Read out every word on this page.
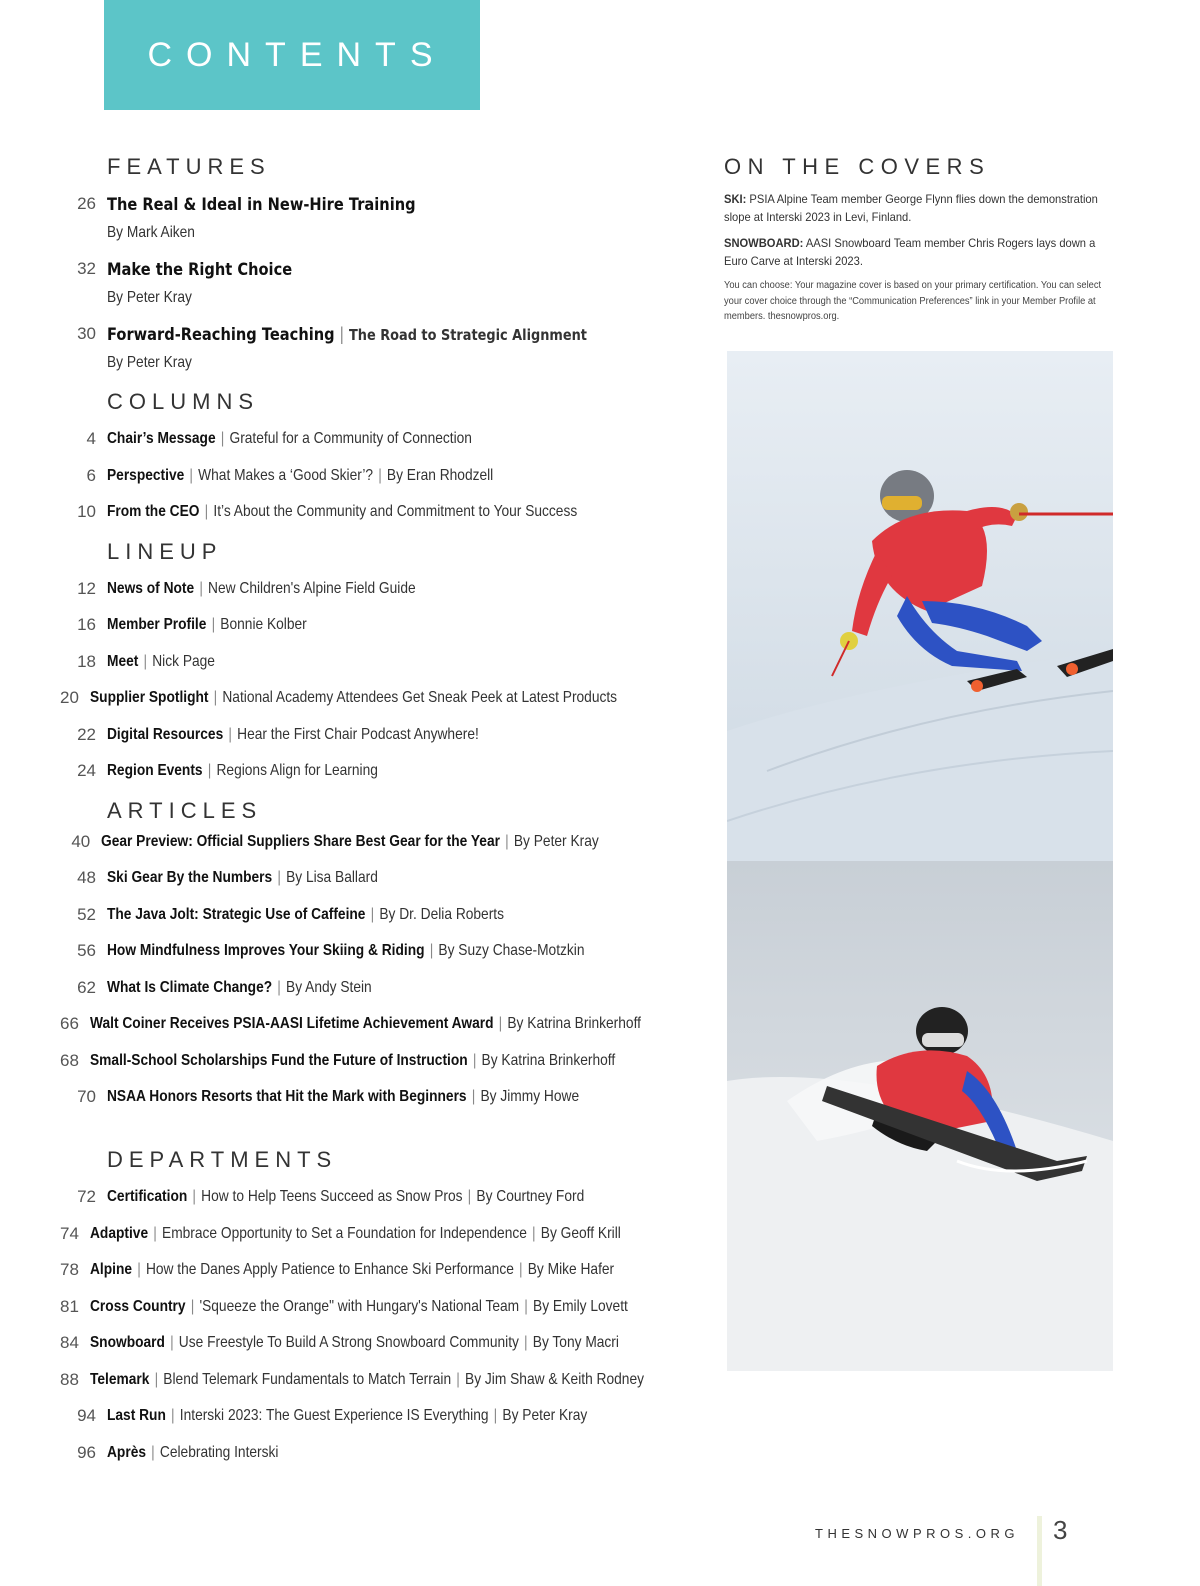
CONTENTS
FEATURES
26 The Real & Ideal in New-Hire Training
By Mark Aiken
32 Make the Right Choice
By Peter Kray
30 Forward-Reaching Teaching | The Road to Strategic Alignment
By Peter Kray
COLUMNS
4 Chair’s Message | Grateful for a Community of Connection
6 Perspective | What Makes a ‘Good Skier’? | By Eran Rhodzell
10 From the CEO | It’s About the Community and Commitment to Your Success
LINEUP
12 News of Note | New Children's Alpine Field Guide
16 Member Profile | Bonnie Kolber
18 Meet | Nick Page
20 Supplier Spotlight | National Academy Attendees Get Sneak Peek at Latest Products
22 Digital Resources | Hear the First Chair Podcast Anywhere!
24 Region Events | Regions Align for Learning
ARTICLES
40 Gear Preview: Official Suppliers Share Best Gear for the Year | By Peter Kray
48 Ski Gear By the Numbers | By Lisa Ballard
52 The Java Jolt: Strategic Use of Caffeine | By Dr. Delia Roberts
56 How Mindfulness Improves Your Skiing & Riding | By Suzy Chase-Motzkin
62 What Is Climate Change? | By Andy Stein
66 Walt Coiner Receives PSIA-AASI Lifetime Achievement Award | By Katrina Brinkerhoff
68 Small-School Scholarships Fund the Future of Instruction | By Katrina Brinkerhoff
70 NSAA Honors Resorts that Hit the Mark with Beginners | By Jimmy Howe
DEPARTMENTS
72 Certification | How to Help Teens Succeed as Snow Pros | By Courtney Ford
74 Adaptive | Embrace Opportunity to Set a Foundation for Independence | By Geoff Krill
78 Alpine | How the Danes Apply Patience to Enhance Ski Performance | By Mike Hafer
81 Cross Country | 'Squeeze the Orange" with Hungary's National Team | By Emily Lovett
84 Snowboard | Use Freestyle To Build A Strong Snowboard Community | By Tony Macri
88 Telemark | Blend Telemark Fundamentals to Match Terrain | By Jim Shaw & Keith Rodney
94 Last Run | Interski 2023: The Guest Experience IS Everything | By Peter Kray
96 Après | Celebrating Interski
ON THE COVERS

SKI: PSIA Alpine Team member George Flynn flies down the demonstration slope at Interski 2023 in Levi, Finland.

SNOWBOARD: AASI Snowboard Team member Chris Rogers lays down a Euro Carve at Interski 2023.

You can choose: Your magazine cover is based on your primary certification. You can select your cover choice through the “Communication Preferences” link in your Member Profile at members. thesnowpros.org.

THESNOWPROS.ORG 3
